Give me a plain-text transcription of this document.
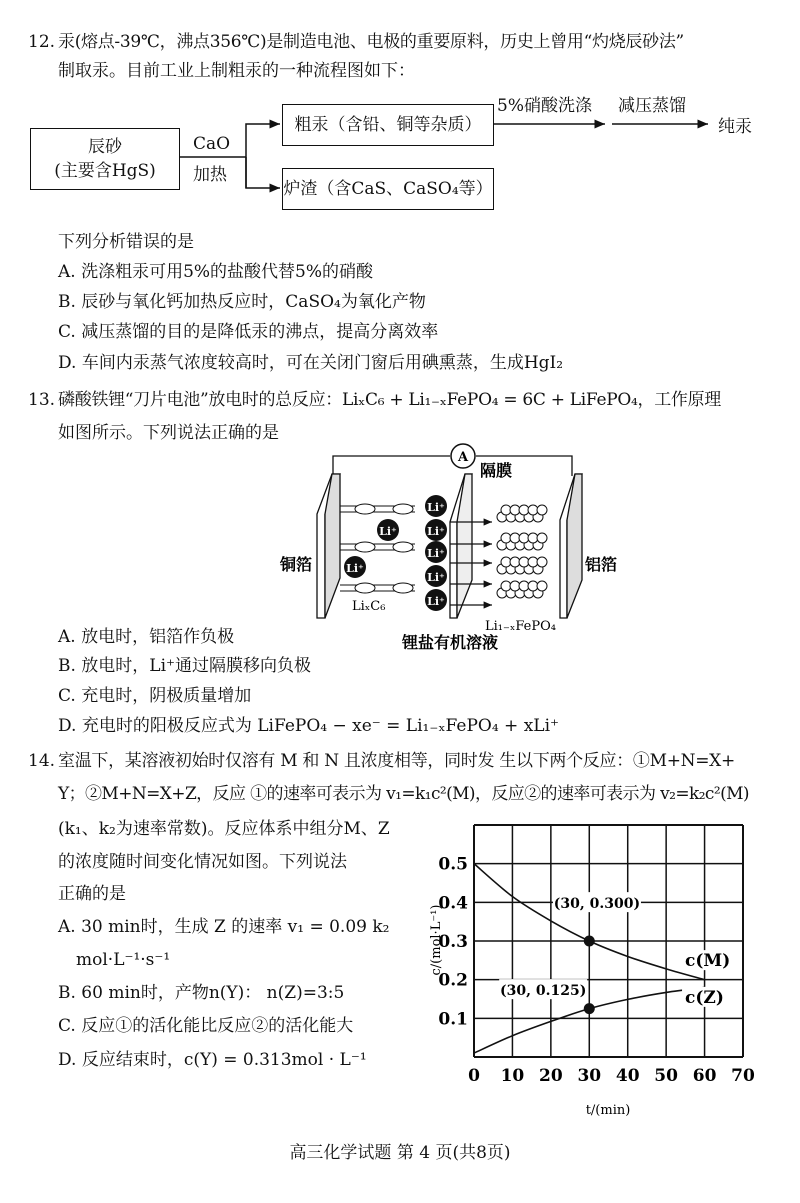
12. 汞(熔点-39℃，沸点356℃)是制造电池、电极的重要原料，历史上曾用“灼烧辰砂法”
制取汞。目前工业上制粗汞的一种流程图如下：
辰砂
(主要含HgS)
CaO
加热
粗汞（含铅、铜等杂质）
炉渣（含CaS、CaSO₄等）
5%硝酸洗涤 减压蒸馏
纯汞
下列分析错误的是
A. 洗涤粗汞可用5%的盐酸代替5%的硝酸
B. 辰砂与氧化钙加热反应时，CaSO₄为氧化产物
C. 减压蒸馏的目的是降低汞的沸点，提高分离效率
D. 车间内汞蒸气浓度较高时，可在关闭门窗后用碘熏蒸，生成HgI₂
13. 磷酸铁锂“刀片电池”放电时的总反应：LiₓC₆ + Li₁₋ₓFePO₄ = 6C + LiFePO₄，工作原理
如图所示。下列说法正确的是
A
隔膜
Li⁺
Li⁺
Li⁺
Li⁺
Li⁺
Li⁺
Li⁺
铜箔	铝箔
LiₓC₆
Li₁₋ₓFePO₄
锂盐有机溶液
A. 放电时，铝箔作负极
B. 放电时，Li⁺通过隔膜移向负极
C. 充电时，阴极质量增加
D. 充电时的阳极反应式为 LiFePO₄ − xe⁻ = Li₁₋ₓFePO₄ + xLi⁺
14. 室温下，某溶液初始时仅溶有 M 和 N 且浓度相等，同时发 生以下两个反应：①M+N=X+
Y；②M+N=X+Z，反应 ①的速率可表示为 v₁=k₁c²(M)，反应②的速率可表示为 v₂=k₂c²(M)
(k₁、k₂为速率常数)。反应体系中组分M、Z
的浓度随时间变化情况如图。下列说法
正确的是
A. 30 min时，生成 Z 的速率 v₁ = 0.09 k₂
mol·L⁻¹·s⁻¹
B. 60 min时，产物n(Y)： n(Z)=3:5
C. 反应①的活化能比反应②的活化能大
D. 反应结束时，c(Y) = 0.313mol · L⁻¹
c/(mol·L⁻¹)
t/(min)
0 10 20 30 40 50 60 70
0.1
0.2
0.3
0.4
0.5
c(M)
c(Z)
(30, 0.300)
(30, 0.125)
高三化学试题 第 4 页(共8页)
